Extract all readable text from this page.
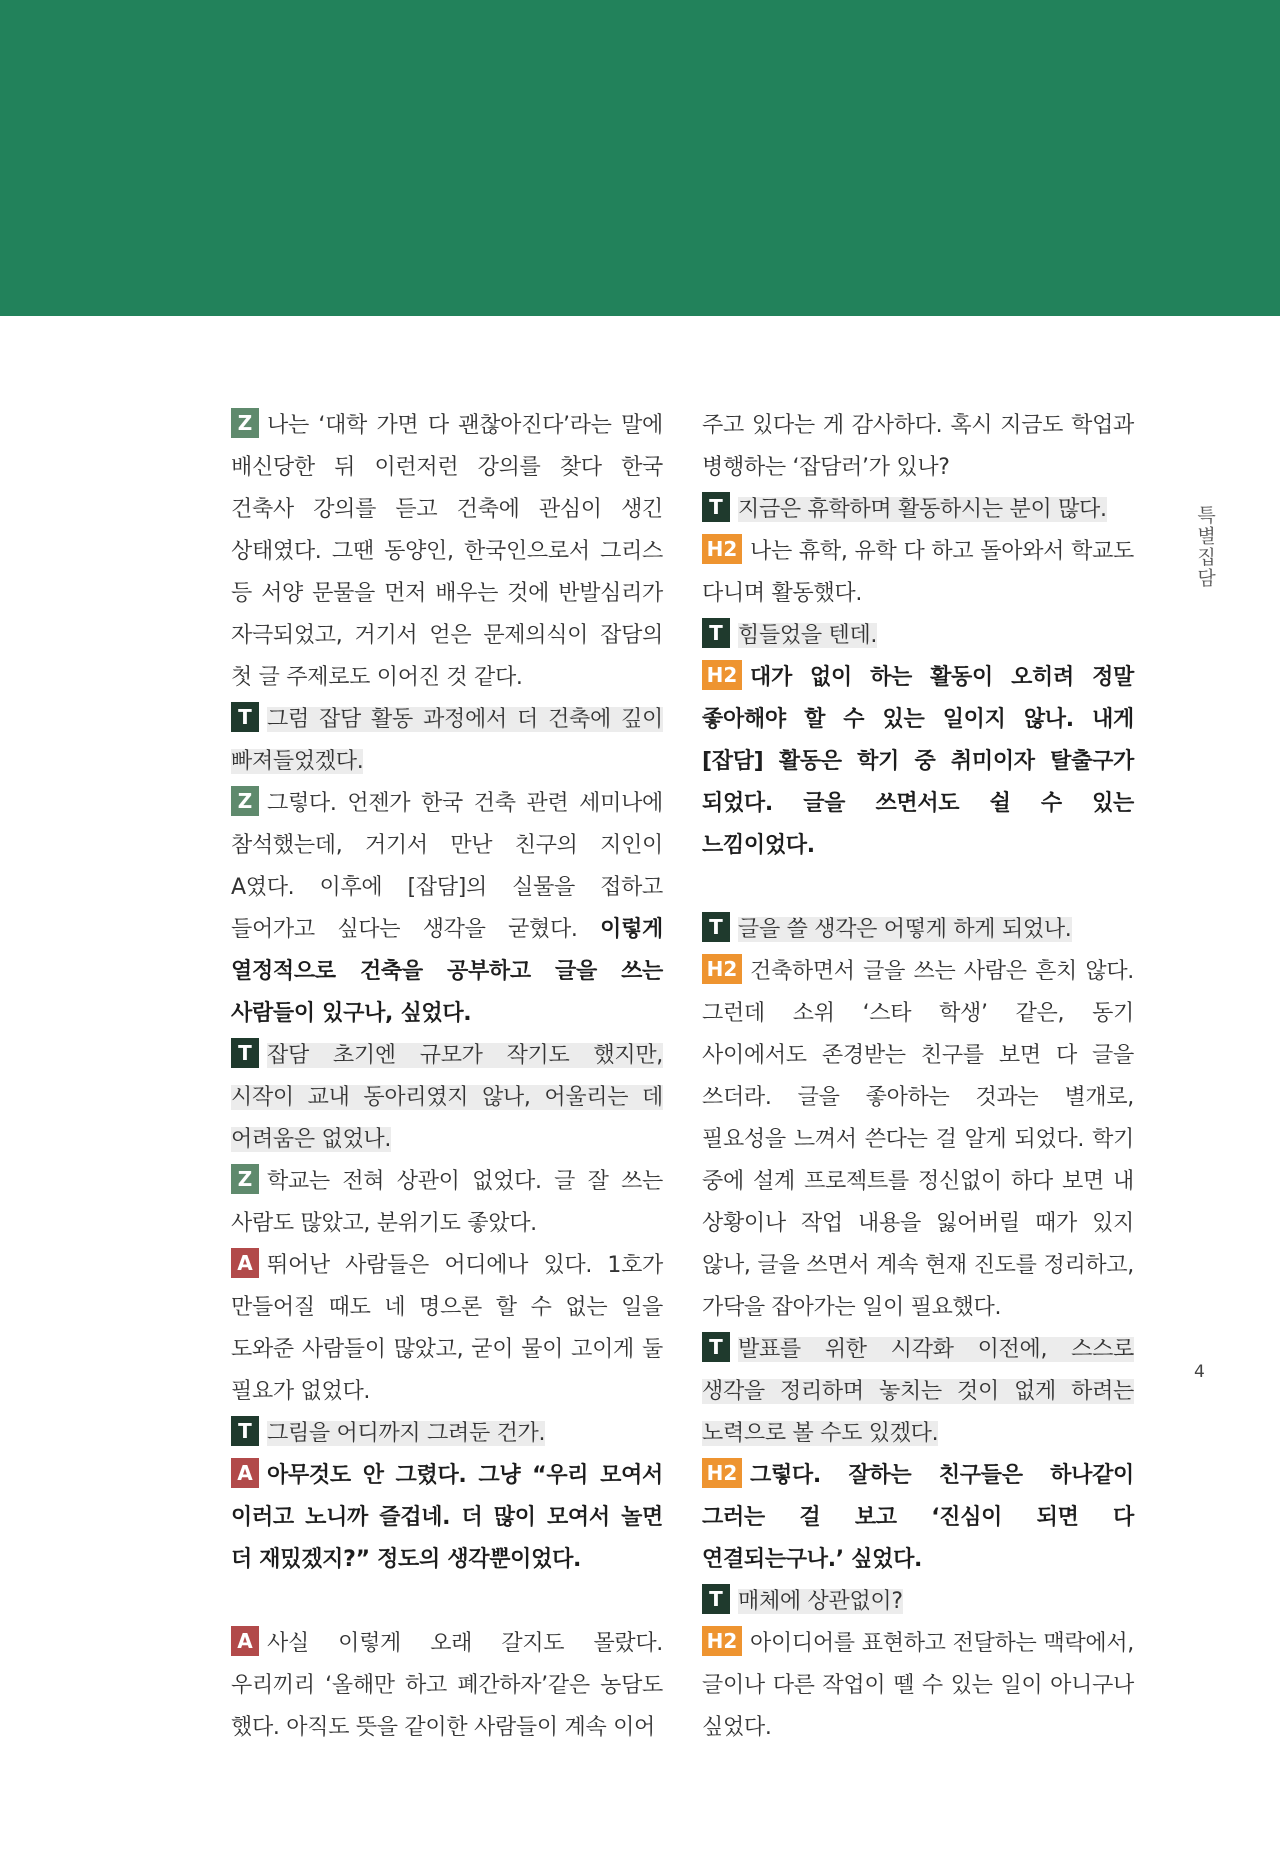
Z 나는 ‘대학 가면 다 괜찮아진다’라는 말에 배신당한 뒤 이런저런 강의를 찾다 한국 건축사 강의를 듣고 건축에 관심이 생긴 상태였다. 그땐 동양인, 한국인으로서 그리스 등 서양 문물을 먼저 배우는 것에 반발심리가 자극되었고, 거기서 얻은 문제의식이 잡담의 첫 글 주제로도 이어진 것 같다.

T 그럼 잡담 활동 과정에서 더 건축에 깊이 빠져들었겠다.

Z 그렇다. 언젠가 한국 건축 관련 세미나에 참석했는데, 거기서 만난 친구의 지인이 A였다. 이후에 [잡담]의 실물을 접하고 들어가고 싶다는 생각을 굳혔다. 이렇게 열정적으로 건축을 공부하고 글을 쓰는 사람들이 있구나, 싶었다.

T 잡담 초기엔 규모가 작기도 했지만, 시작이 교내 동아리였지 않나, 어울리는 데 어려움은 없었나.

Z 학교는 전혀 상관이 없었다. 글 잘 쓰는 사람도 많았고, 분위기도 좋았다.

A 뛰어난 사람들은 어디에나 있다. 1호가 만들어질 때도 네 명으론 할 수 없는 일을 도와준 사람들이 많았고, 굳이 물이 고이게 둘 필요가 없었다.

T 그림을 어디까지 그려둔 건가.

A 아무것도 안 그렸다. 그냥 “우리 모여서 이러고 노니까 즐겁네. 더 많이 모여서 놀면 더 재밌겠지?” 정도의 생각뿐이었다.

A 사실 이렇게 오래 갈지도 몰랐다. 우리끼리 ‘올해만 하고 폐간하자’같은 농담도 했다. 아직도 뜻을 같이한 사람들이 계속 이어

주고 있다는 게 감사하다. 혹시 지금도 학업과 병행하는 ‘잡담러’가 있나?

T 지금은 휴학하며 활동하시는 분이 많다.

H2 나는 휴학, 유학 다 하고 돌아와서 학교도 다니며 활동했다.

T 힘들었을 텐데.

H2 대가 없이 하는 활동이 오히려 정말 좋아해야 할 수 있는 일이지 않나. 내게 [잡담] 활동은 학기 중 취미이자 탈출구가 되었다. 글을 쓰면서도 쉴 수 있는 느낌이었다.

T 글을 쓸 생각은 어떻게 하게 되었나.

H2 건축하면서 글을 쓰는 사람은 흔치 않다. 그런데 소위 ‘스타 학생’ 같은, 동기 사이에서도 존경받는 친구를 보면 다 글을 쓰더라. 글을 좋아하는 것과는 별개로, 필요성을 느껴서 쓴다는 걸 알게 되었다. 학기 중에 설계 프로젝트를 정신없이 하다 보면 내 상황이나 작업 내용을 잃어버릴 때가 있지 않나, 글을 쓰면서 계속 현재 진도를 정리하고, 가닥을 잡아가는 일이 필요했다.

T 발표를 위한 시각화 이전에, 스스로 생각을 정리하며 놓치는 것이 없게 하려는 노력으로 볼 수도 있겠다.

H2 그렇다. 잘하는 친구들은 하나같이 그러는 걸 보고 ‘진심이 되면 다 연결되는구나.’ 싶었다.

T 매체에 상관없이?

H2 아이디어를 표현하고 전달하는 맥락에서, 글이나 다른 작업이 뗄 수 있는 일이 아니구나 싶었다.

특별집담
4
